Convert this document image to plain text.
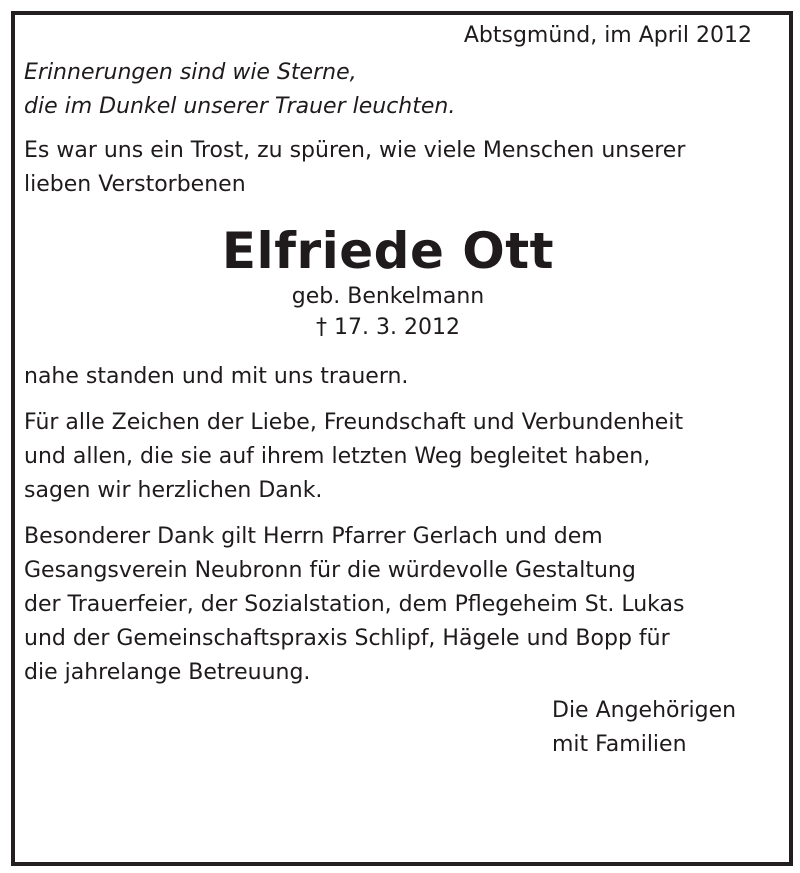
Abtsgmünd, im April 2012
Erinnerungen sind wie Sterne,
die im Dunkel unserer Trauer leuchten.
Es war uns ein Trost, zu spüren, wie viele Menschen unserer
lieben Verstorbenen
Elfriede Ott
geb. Benkelmann
† 17. 3. 2012
nahe standen und mit uns trauern.
Für alle Zeichen der Liebe, Freundschaft und Verbundenheit
und allen, die sie auf ihrem letzten Weg begleitet haben,
sagen wir herzlichen Dank.
Besonderer Dank gilt Herrn Pfarrer Gerlach und dem
Gesangsverein Neubronn für die würdevolle Gestaltung
der Trauerfeier, der Sozialstation, dem Pflegeheim St. Lukas
und der Gemeinschaftspraxis Schlipf, Hägele und Bopp für
die jahrelange Betreuung.
Die Angehörigen
mit Familien
